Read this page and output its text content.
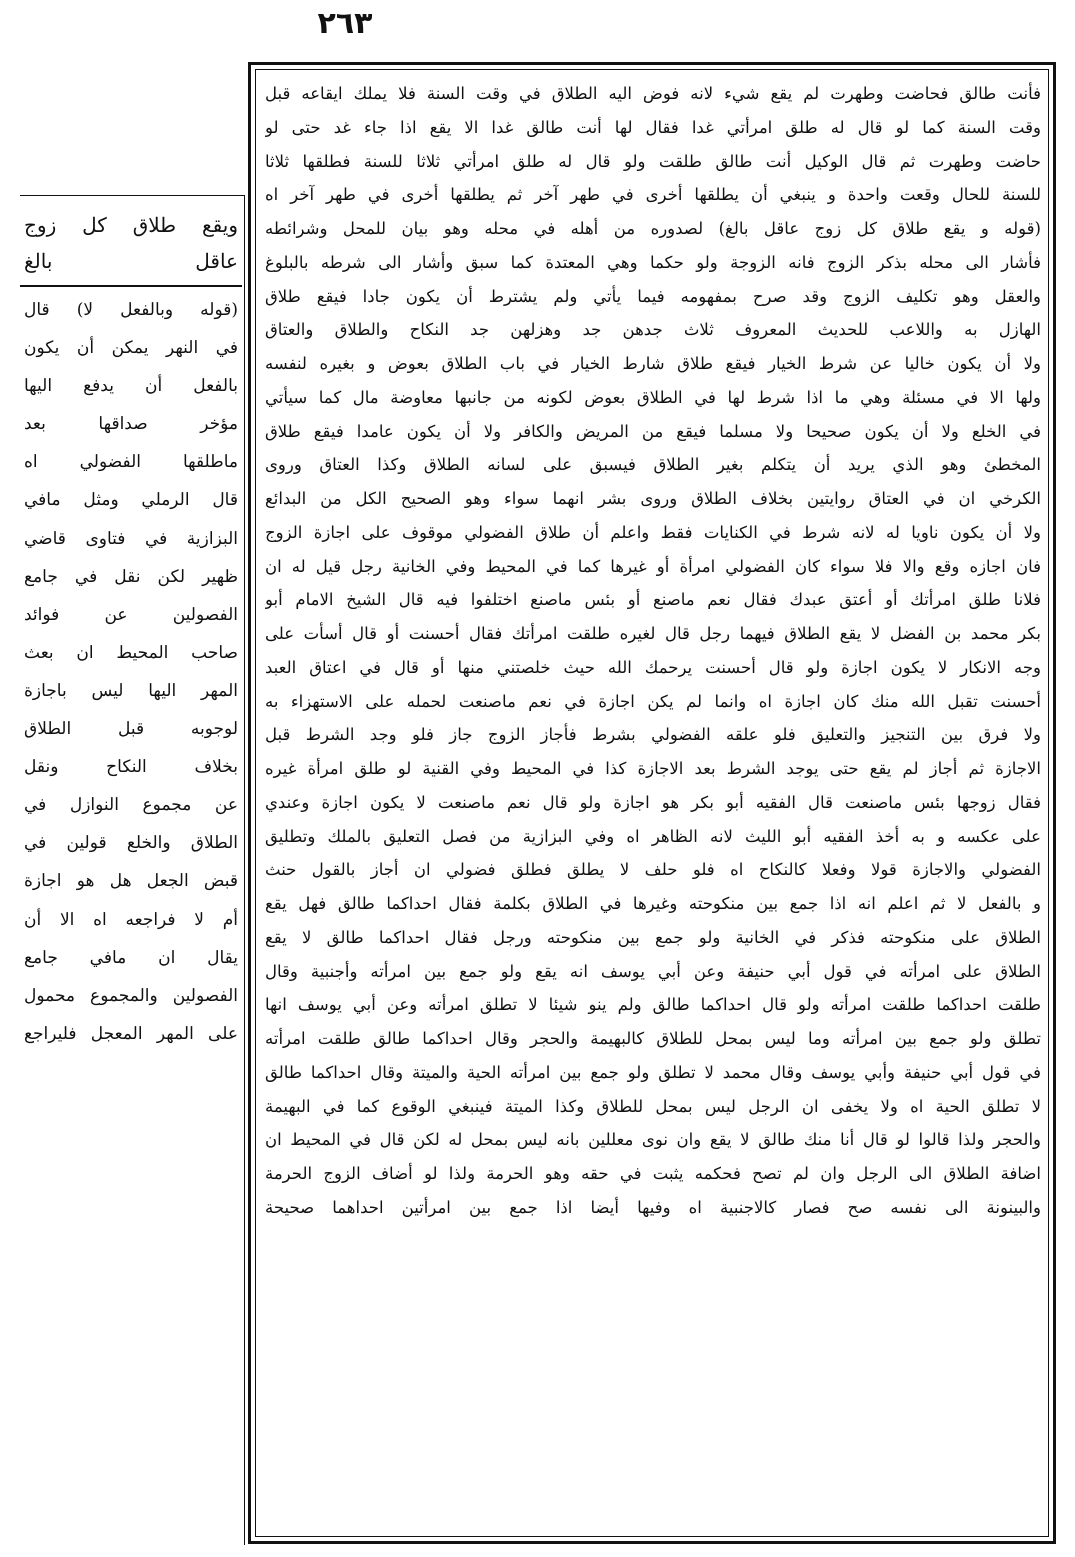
٢٦٣
ويقع طلاق كل زوج
عاقل بالغ
(قوله وبالفعل لا) قال
في النهر يمكن أن يكون
بالفعل أن يدفع اليها
مؤخر صداقها بعد
ماطلقها الفضولي اه
قال الرملي ومثل مافي
البزازية في فتاوى قاضي
ظهير لكن نقل في جامع
الفصولين عن فوائد
صاحب المحيط ان بعث
المهر اليها ليس باجازة
لوجوبه قبل الطلاق
بخلاف النكاح ونقل
عن مجموع النوازل في
الطلاق والخلع قولين في
قبض الجعل هل هو اجازة
أم لا فراجعه اه الا أن
يقال ان مافي جامع
الفصولين والمجموع محمول
على المهر المعجل فليراجع
فأنت طالق فحاضت وطهرت لم يقع شيء لانه فوض اليه الطلاق في وقت السنة فلا يملك ايقاعه قبل
وقت السنة كما لو قال له طلق امرأتي غدا فقال لها أنت طالق غدا الا يقع اذا جاء غد حتى لو
حاضت وطهرت ثم قال الوكيل أنت طالق طلقت ولو قال له طلق امرأتي ثلاثا للسنة فطلقها ثلاثا
للسنة للحال وقعت واحدة و ينبغي أن يطلقها أخرى في طهر آخر ثم يطلقها أخرى في طهر آخر اه
(قوله و يقع طلاق كل زوج عاقل بالغ) لصدوره من أهله في محله وهو بيان للمحل وشرائطه
فأشار الى محله بذكر الزوج فانه الزوجة ولو حكما وهي المعتدة كما سبق وأشار الى شرطه بالبلوغ
والعقل وهو تكليف الزوج وقد صرح بمفهومه فيما يأتي ولم يشترط أن يكون جادا فيقع طلاق
الهازل به واللاعب للحديث المعروف ثلاث جدهن جد وهزلهن جد النكاح والطلاق والعتاق
ولا أن يكون خاليا عن شرط الخيار فيقع طلاق شارط الخيار في باب الطلاق بعوض و بغيره لنفسه
ولها الا في مسئلة وهي ما اذا شرط لها في الطلاق بعوض لكونه من جانبها معاوضة مال كما سيأتي
في الخلع ولا أن يكون صحيحا ولا مسلما فيقع من المريض والكافر ولا أن يكون عامدا فيقع طلاق
المخطئ وهو الذي يريد أن يتكلم بغير الطلاق فيسبق على لسانه الطلاق وكذا العتاق وروى
الكرخي ان في العتاق روايتين بخلاف الطلاق وروى بشر انهما سواء وهو الصحيح الكل من البدائع
ولا أن يكون ناويا له لانه شرط في الكنايات فقط واعلم أن طلاق الفضولي موقوف على اجازة الزوج
فان اجازه وقع والا فلا سواء كان الفضولي امرأة أو غيرها كما في المحيط وفي الخانية رجل قيل له ان
فلانا طلق امرأتك أو أعتق عبدك فقال نعم ماصنع أو بئس ماصنع اختلفوا فيه قال الشيخ الامام أبو
بكر محمد بن الفضل لا يقع الطلاق فيهما رجل قال لغيره طلقت امرأتك فقال أحسنت أو قال أسأت على
وجه الانكار لا يكون اجازة ولو قال أحسنت يرحمك الله حيث خلصتني منها أو قال في اعتاق العبد
أحسنت تقبل الله منك كان اجازة اه وانما لم يكن اجازة في نعم ماصنعت لحمله على الاستهزاء به
ولا فرق بين التنجيز والتعليق فلو علقه الفضولي بشرط فأجاز الزوج جاز فلو وجد الشرط قبل
الاجازة ثم أجاز لم يقع حتى يوجد الشرط بعد الاجازة كذا في المحيط وفي القنية لو طلق امرأة غيره
فقال زوجها بئس ماصنعت قال الفقيه أبو بكر هو اجازة ولو قال نعم ماصنعت لا يكون اجازة وعندي
على عكسه و به أخذ الفقيه أبو الليث لانه الظاهر اه وفي البزازية من فصل التعليق بالملك وتطليق
الفضولي والاجازة قولا وفعلا كالنكاح اه فلو حلف لا يطلق فطلق فضولي ان أجاز بالقول حنث
و بالفعل لا ثم اعلم انه اذا جمع بين منكوحته وغيرها في الطلاق بكلمة فقال احداكما طالق فهل يقع
الطلاق على منكوحته فذكر في الخانية ولو جمع بين منكوحته ورجل فقال احداكما طالق لا يقع
الطلاق على امرأته في قول أبي حنيفة وعن أبي يوسف انه يقع ولو جمع بين امرأته وأجنبية وقال
طلقت احداكما طلقت امرأته ولو قال احداكما طالق ولم ينو شيئا لا تطلق امرأته وعن أبي يوسف انها
تطلق ولو جمع بين امرأته وما ليس بمحل للطلاق كالبهيمة والحجر وقال احداكما طالق طلقت امرأته
في قول أبي حنيفة وأبي يوسف وقال محمد لا تطلق ولو جمع بين امرأته الحية والميتة وقال احداكما طالق
لا تطلق الحية اه ولا يخفى ان الرجل ليس بمحل للطلاق وكذا الميتة فينبغي الوقوع كما في البهيمة
والحجر ولذا قالوا لو قال أنا منك طالق لا يقع وان نوى معللين بانه ليس بمحل له لكن قال في المحيط ان
اضافة الطلاق الى الرجل وان لم تصح فحكمه يثبت في حقه وهو الحرمة ولذا لو أضاف الزوج الحرمة
والبينونة الى نفسه صح فصار كالاجنبية اه وفيها أيضا اذا جمع بين امرأتين احداهما صحيحة
